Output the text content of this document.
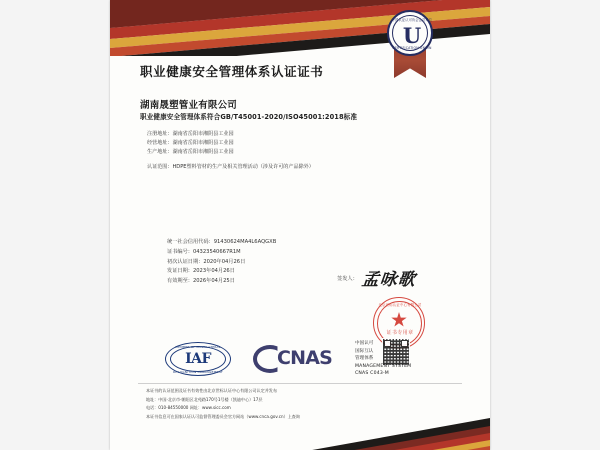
中国认证认可协会会员单位
U
CERTIFICATION UNION
职业健康安全管理体系认证证书
湖南晟塑管业有限公司
职业健康安全管理体系符合GB/T45001-2020/ISO45001:2018标准
注册地址：湖南省岳阳市湘阴县工业园
经营地址：湖南省岳阳市湘阴县工业园
生产地址：湖南省岳阳市湘阴县工业园
认证范围：HDPE塑料管材的生产及相关管理活动（涉及许可的产品除外）
统一社会信用代码：91430624MA4L6AQGXB
证书编号：04323540667R1M
初次认证日期：2020年04月26日
发证日期：2023年04月26日
有效期至：2026年04月25日	签发人： 孟咏歌
北京世标认证中心有限公司
证书专用章
MEMBER OF MULTILATERAL
IAF
RECOGNITION ARRANGEMENT
CNAS
中国认可
国际互认
管理体系
MANAGEMENT SYSTEM
CNAS C043-M
本证书的认证范围及证书有效性由北京世标认证中心有限公司认定并发布
地址：中国·北京市·朝阳区北苑路170号1号楼（凯迪中心）17层
电话：010-84550000 网址：www.sicc.com
本证书信息可在国家认证认可监督管理委员会官方网站（www.cnca.gov.cn）上查询
